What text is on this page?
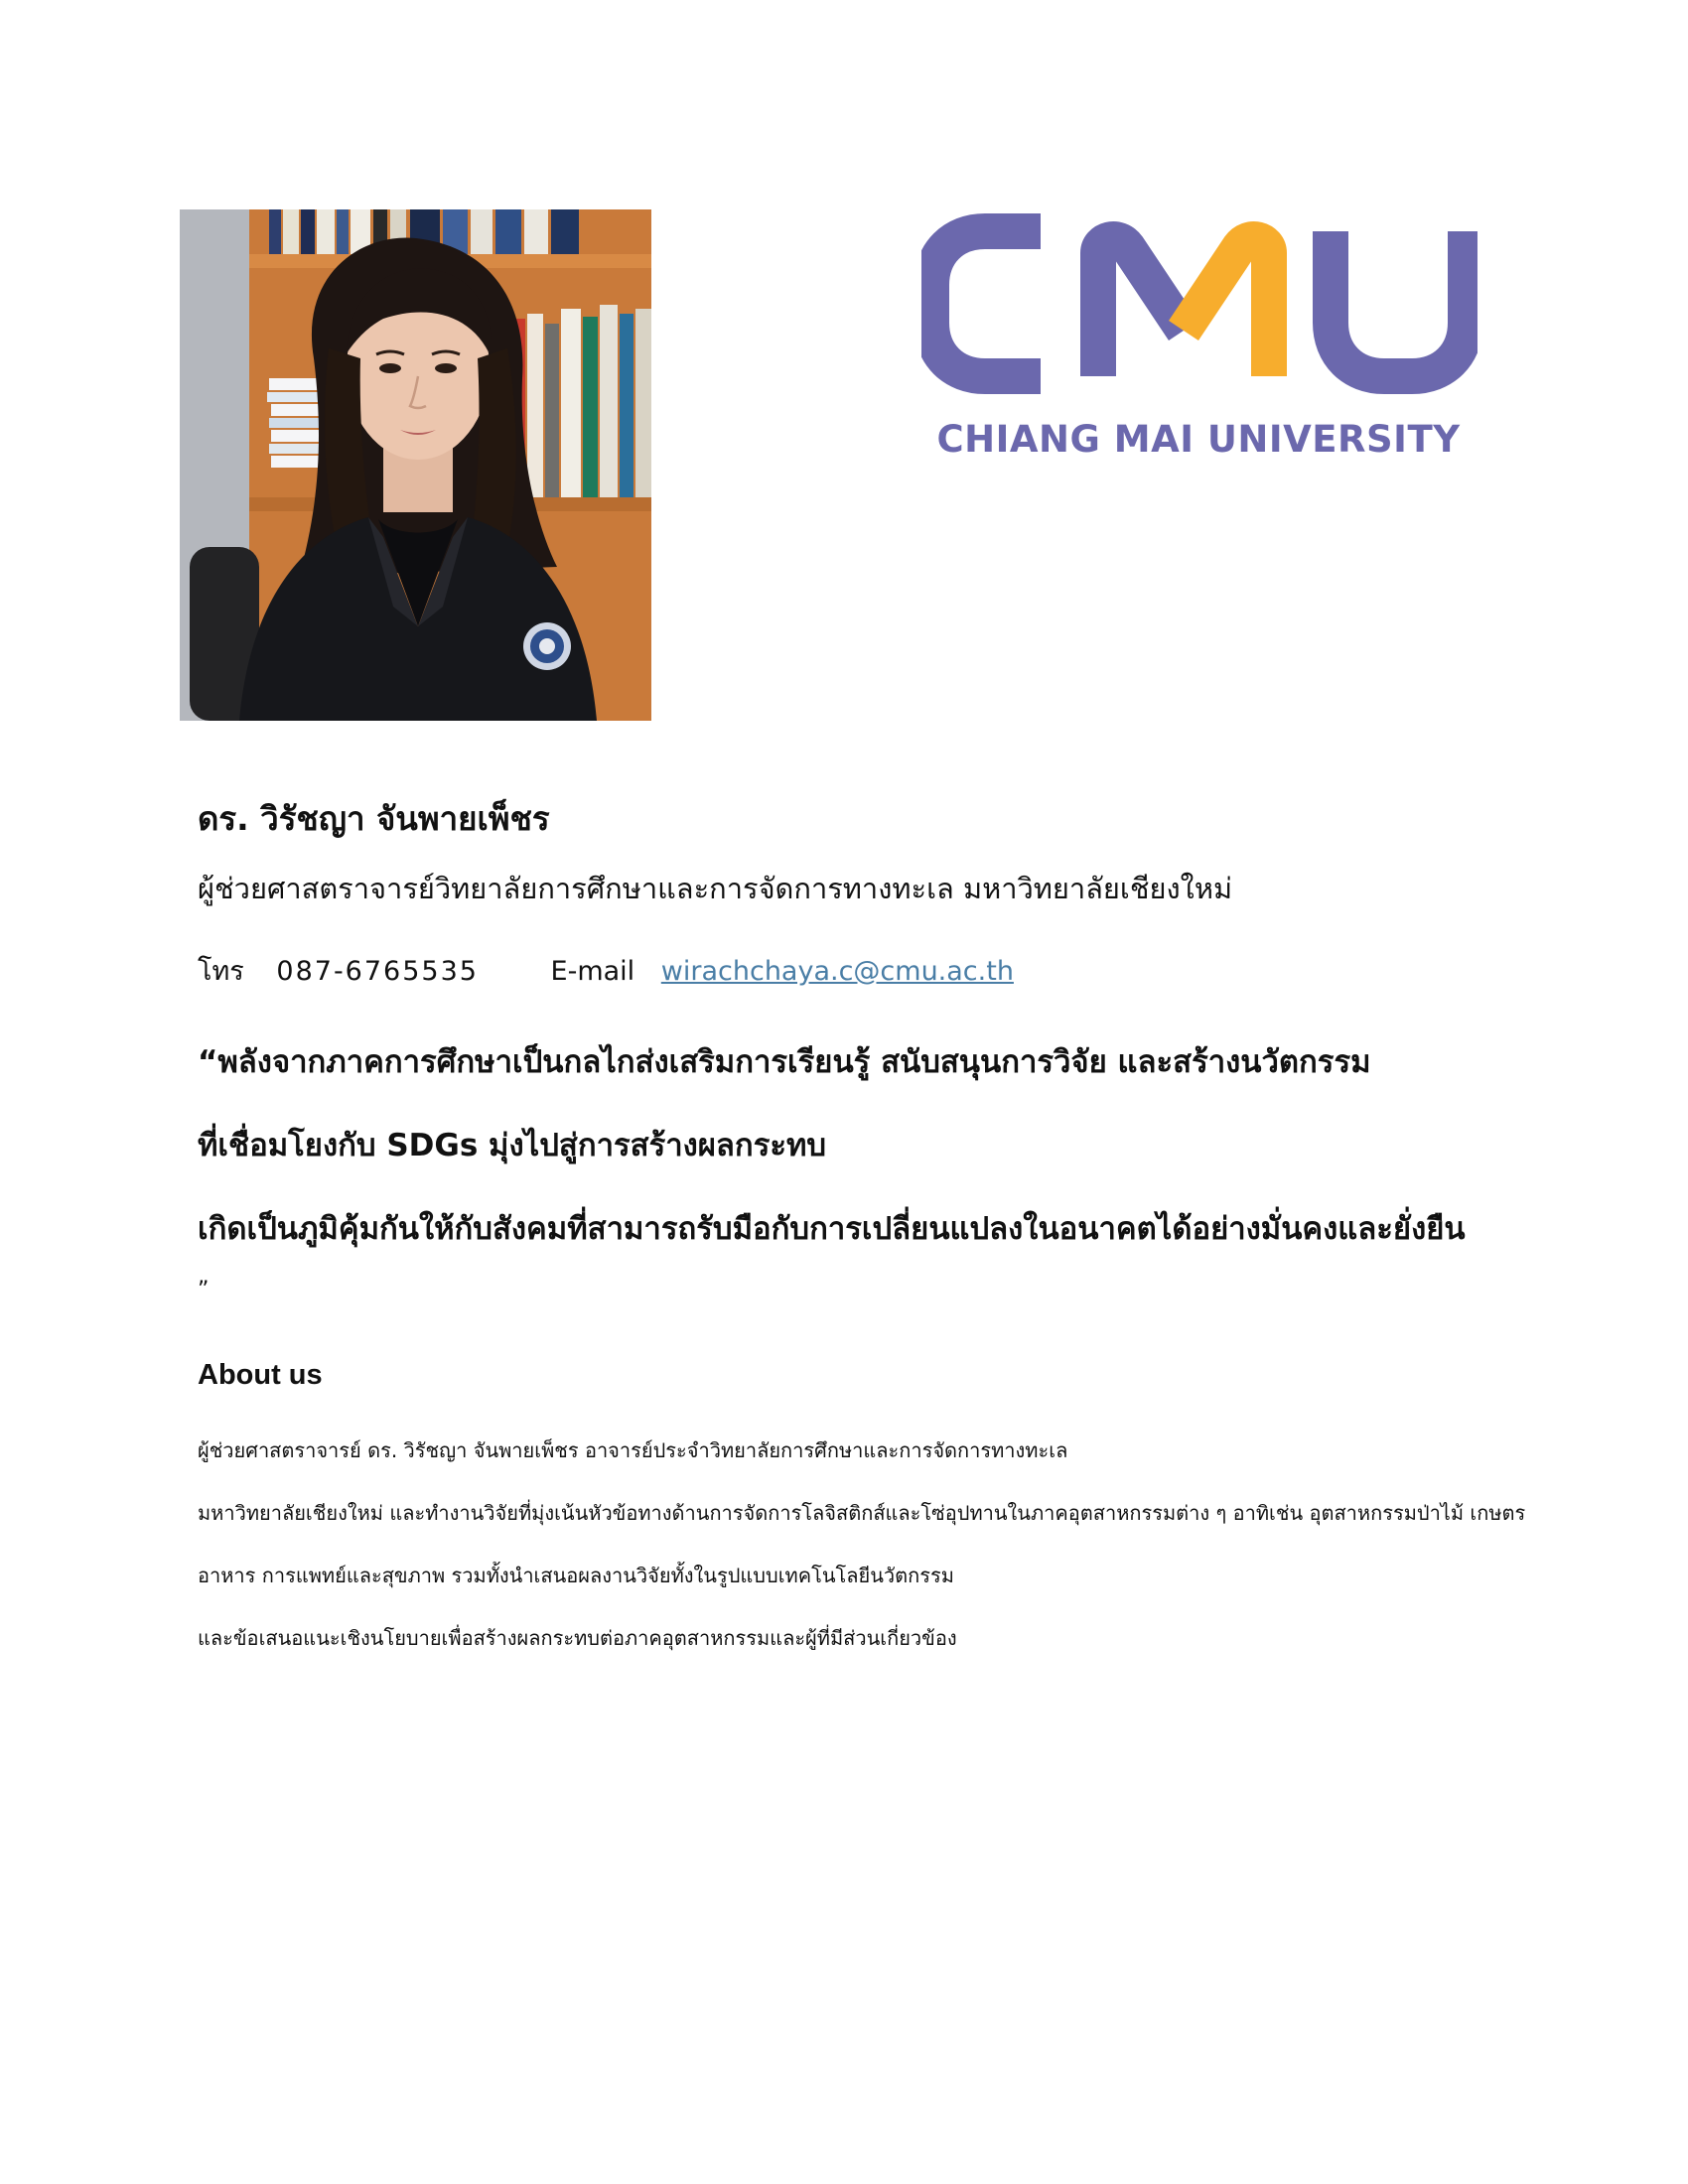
CHIANG MAI UNIVERSITY
ดร. วิรัชญา จันพายเพ็ชร

ผู้ช่วยศาสตราจารย์วิทยาลัยการศึกษาและการจัดการทางทะเล มหาวิทยาลัยเชียงใหม่

โทร 087-6765535	E-mail wirachchaya.c@cmu.ac.th

“พลังจากภาคการศึกษาเป็นกลไกส่งเสริมการเรียนรู้ สนับสนุนการวิจัย และสร้างนวัตกรรม
ที่เชื่อมโยงกับ SDGs มุ่งไปสู่การสร้างผลกระทบ
เกิดเป็นภูมิคุ้มกันให้กับสังคมที่สามารถรับมือกับการเปลี่ยนแปลงในอนาคตได้อย่างมั่นคงและยั่งยืน

”
About us

ผู้ช่วยศาสตราจารย์ ดร. วิรัชญา จันพายเพ็ชร อาจารย์ประจำวิทยาลัยการศึกษาและการจัดการทางทะเล
มหาวิทยาลัยเชียงใหม่ และทำงานวิจัยที่มุ่งเน้นหัวข้อทางด้านการจัดการโลจิสติกส์และโซ่อุปทานในภาคอุตสาหกรรมต่าง ๆ อาทิเช่น อุตสาหกรรมป่าไม้ เกษตร
อาหาร การแพทย์และสุขภาพ รวมทั้งนำเสนอผลงานวิจัยทั้งในรูปแบบเทคโนโลยีนวัตกรรม
และข้อเสนอแนะเชิงนโยบายเพื่อสร้างผลกระทบต่อภาคอุตสาหกรรมและผู้ที่มีส่วนเกี่ยวข้อง
